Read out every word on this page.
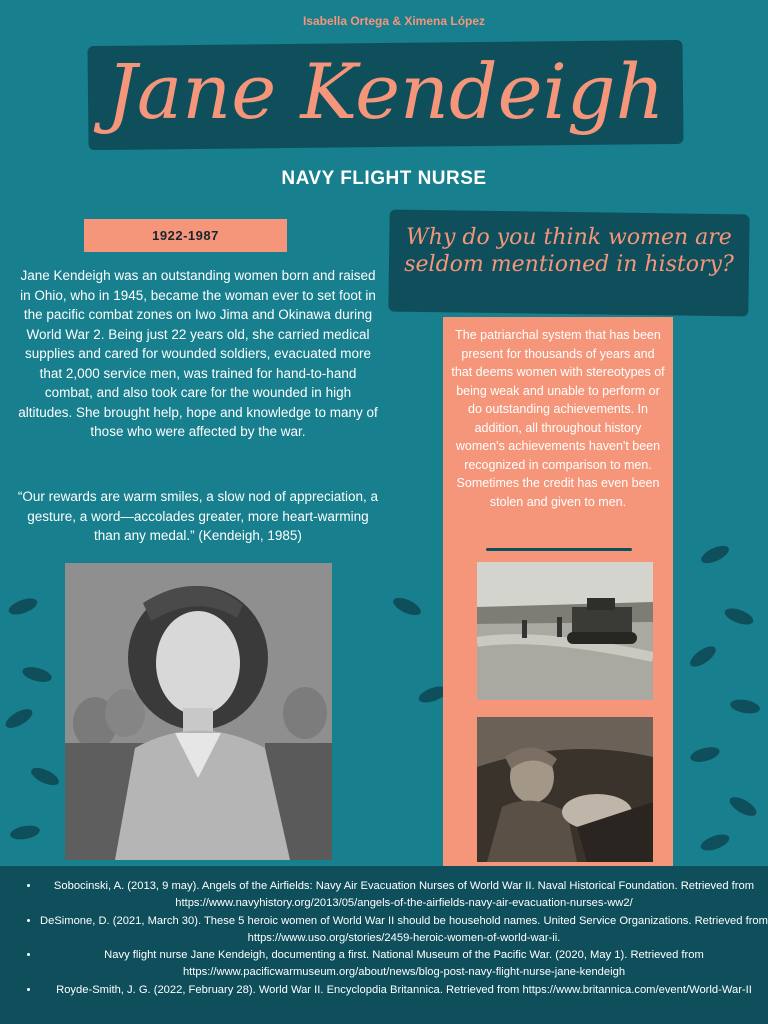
Isabella Ortega & Ximena López
Jane Kendeigh
NAVY FLIGHT NURSE
1922-1987
Jane Kendeigh was an outstanding women born and raised in Ohio, who in 1945, became the woman ever to set foot in the pacific combat zones on Iwo Jima and Okinawa during World War 2. Being just 22 years old, she carried medical supplies and cared for wounded soldiers, evacuated more that 2,000 service men, was trained for hand-to-hand combat, and also took care for the wounded in high altitudes. She brought help, hope and knowledge to many of those who were affected by the war.
“Our rewards are warm smiles, a slow nod of appreciation, a gesture, a word—accolades greater, more heart-warming than any medal.” (Kendeigh, 1985)
Why do you think women are seldom mentioned in history?
The patriarchal system that has been present for thousands of years and that deems women with stereotypes of being weak and unable to perform or do outstanding achievements. In addition, all throughout history women's achievements haven't been recognized in comparison to men. Sometimes the credit has even been stolen and given to men.
• Sobocinski, A. (2013, 9 may). Angels of the Airfields: Navy Air Evacuation Nurses of World War II. Naval Historical Foundation. Retrieved from https://www.navyhistory.org/2013/05/angels-of-the-airfields-navy-air-evacuation-nurses-ww2/
• DeSimone, D. (2021, March 30). These 5 heroic women of World War II should be household names. United Service Organizations. Retrieved from https://www.uso.org/stories/2459-heroic-women-of-world-war-ii.
• Navy flight nurse Jane Kendeigh, documenting a first. National Museum of the Pacific War. (2020, May 1). Retrieved from https://www.pacificwarmuseum.org/about/news/blog-post-navy-flight-nurse-jane-kendeigh
• Royde-Smith, J. G. (2022, February 28). World War II. Encyclopdia Britannica. Retrieved from https://www.britannica.com/event/World-War-II
